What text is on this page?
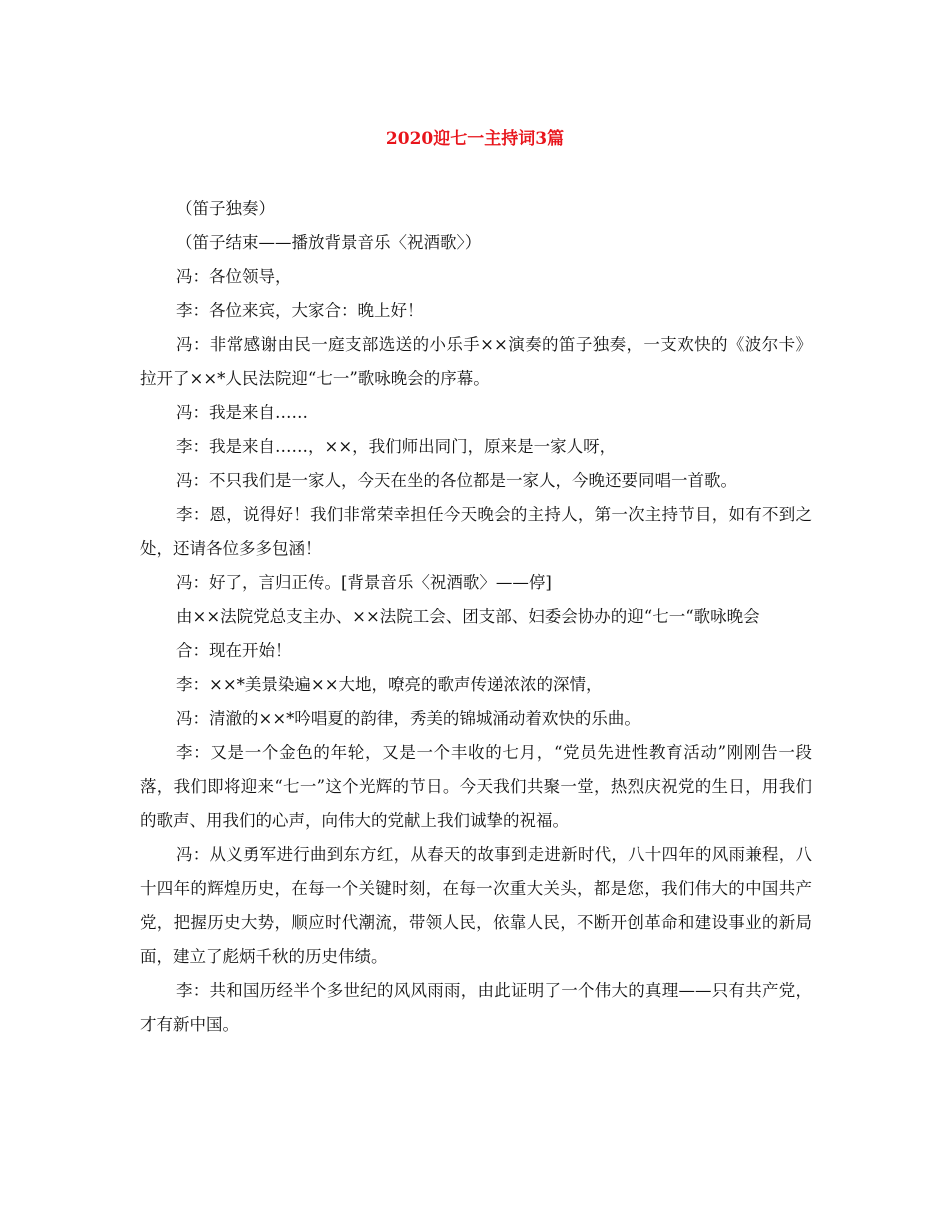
2020迎七一主持词3篇

（笛子独奏）

（笛子结束——播放背景音乐〈祝酒歌〉）

冯：各位领导，

李：各位来宾，大家合：晚上好！

冯：非常感谢由民一庭支部选送的小乐手××演奏的笛子独奏，一支欢快的《波尔卡》拉开了××*人民法院迎“七一”歌咏晚会的序幕。

冯：我是来自……

李：我是来自……，××，我们师出同门，原来是一家人呀，

冯：不只我们是一家人，今天在坐的各位都是一家人，今晚还要同唱一首歌。

李：恩，说得好！我们非常荣幸担任今天晚会的主持人，第一次主持节目，如有不到之处，还请各位多多包涵！

冯：好了，言归正传。[背景音乐〈祝酒歌〉——停]

由××法院党总支主办、××法院工会、团支部、妇委会协办的迎“七一“歌咏晚会

合：现在开始！

李：××*美景染遍××大地，嘹亮的歌声传递浓浓的深情，

冯：清澈的××*吟唱夏的韵律，秀美的锦城涌动着欢快的乐曲。

李：又是一个金色的年轮，又是一个丰收的七月，“党员先进性教育活动”刚刚告一段落，我们即将迎来“七一”这个光辉的节日。今天我们共聚一堂，热烈庆祝党的生日，用我们的歌声、用我们的心声，向伟大的党献上我们诚挚的祝福。

冯：从义勇军进行曲到东方红，从春天的故事到走进新时代，八十四年的风雨兼程，八十四年的辉煌历史，在每一个关键时刻，在每一次重大关头，都是您，我们伟大的中国共产党，把握历史大势，顺应时代潮流，带领人民，依靠人民，不断开创革命和建设事业的新局面，建立了彪炳千秋的历史伟绩。

李：共和国历经半个多世纪的风风雨雨，由此证明了一个伟大的真理——只有共产党，才有新中国。
